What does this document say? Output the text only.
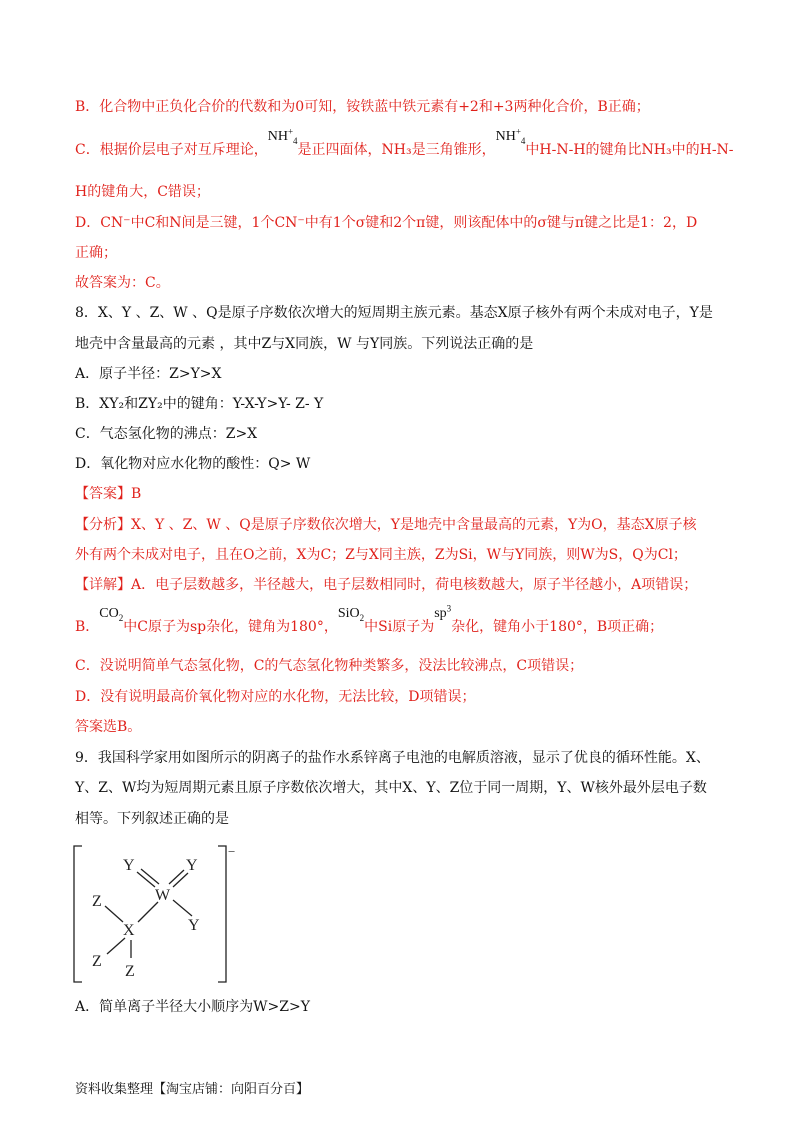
B．化合物中正负化合价的代数和为0可知，铵铁蓝中铁元素有+2和+3两种化合价，B正确；
C．根据价层电子对互斥理论，$NH^+_4$是正四面体，NH₃是三角锥形，$NH^+_4$中H-N-H的键角比NH₃中的H-N-
H的键角大，C错误；
D．CN⁻中C和N间是三键，1个CN⁻中有1个σ键和2个π键，则该配体中的σ键与π键之比是1：2，D
正确；
故答案为：C。
8．X、Y 、Z、W 、Q是原子序数依次增大的短周期主族元素。基态X原子核外有两个未成对电子，Y是
地壳中含量最高的元素 ，其中Z与X同族，W 与Y同族。下列说法正确的是
A．原子半径：Z>Y>X
B．XY₂和ZY₂中的键角：Y-X-Y>Y- Z- Y
C．气态氢化物的沸点：Z>X
D．氧化物对应水化物的酸性：Q> W
【答案】B
【分析】X、Y 、Z、W 、Q是原子序数依次增大，Y是地壳中含量最高的元素，Y为O，基态X原子核
外有两个未成对电子，且在O之前，X为C；Z与X同主族，Z为Si，W与Y同族，则W为S，Q为Cl；
【详解】A．电子层数越多，半径越大，电子层数相同时，荷电核数越大，原子半径越小，A项错误；
B．$CO_2$中C原子为sp杂化，键角为180°，SiO$_2$中Si原子为$sp^3$杂化，键角小于180°，B项正确；
C．没说明简单气态氢化物，C的气态氢化物种类繁多，没法比较沸点，C项错误；
D．没有说明最高价氧化物对应的水化物，无法比较，D项错误；
答案选B。
9．我国科学家用如图所示的阴离子的盐作水系锌离子电池的电解质溶液，显示了优良的循环性能。X、
Y、Z、W均为短周期元素且原子序数依次增大，其中X、Y、Z位于同一周期，Y、W核外最外层电子数
相等。下列叙述正确的是
−
W
X
Y	Y
Y
Z
Z
Z
A．简单离子半径大小顺序为W>Z>Y
资料收集整理【淘宝店铺：向阳百分百】
